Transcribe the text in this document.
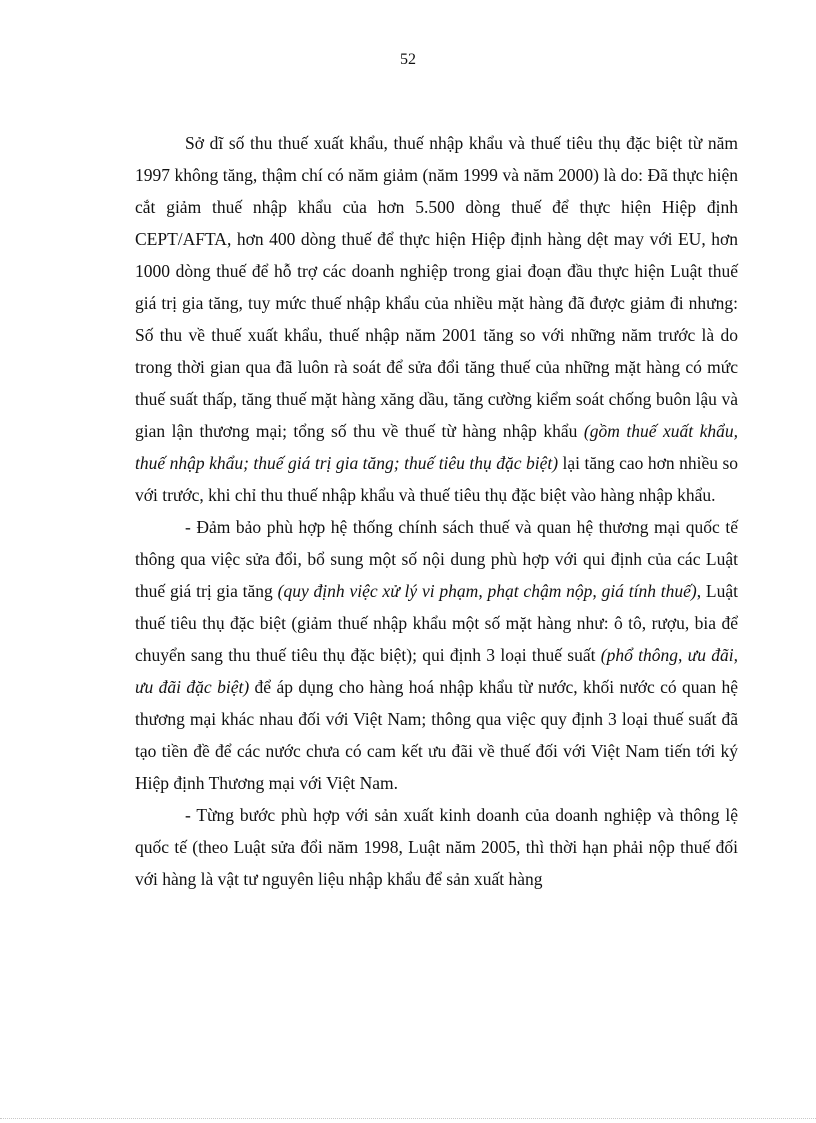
52

Sở dĩ số thu thuế xuất khẩu, thuế nhập khẩu và thuế tiêu thụ đặc biệt từ năm 1997 không tăng, thậm chí có năm giảm (năm 1999 và năm 2000) là do: Đã thực hiện cắt giảm thuế nhập khẩu của hơn 5.500 dòng thuế để thực hiện Hiệp định CEPT/AFTA, hơn 400 dòng thuế để thực hiện Hiệp định hàng dệt may với EU, hơn 1000 dòng thuế để hỗ trợ các doanh nghiệp trong giai đoạn đầu thực hiện Luật thuế giá trị gia tăng, tuy mức thuế nhập khẩu của nhiều mặt hàng đã được giảm đi nhưng: Số thu về thuế xuất khẩu, thuế nhập năm 2001 tăng so với những năm trước là do trong thời gian qua đã luôn rà soát để sửa đổi tăng thuế của những mặt hàng có mức thuế suất thấp, tăng thuế mặt hàng xăng dầu, tăng cường kiểm soát chống buôn lậu và gian lận thương mại; tổng số thu về thuế từ hàng nhập khẩu (gồm thuế xuất khẩu, thuế nhập khẩu; thuế giá trị gia tăng; thuế tiêu thụ đặc biệt) lại tăng cao hơn nhiều so với trước, khi chỉ thu thuế nhập khẩu và thuế tiêu thụ đặc biệt vào hàng nhập khẩu.

- Đảm bảo phù hợp hệ thống chính sách thuế và quan hệ thương mại quốc tế thông qua việc sửa đổi, bổ sung một số nội dung phù hợp với qui định của các Luật thuế giá trị gia tăng (quy định việc xử lý vi phạm, phạt chậm nộp, giá tính thuế), Luật thuế tiêu thụ đặc biệt (giảm thuế nhập khẩu một số mặt hàng như: ô tô, rượu, bia để chuyển sang thu thuế tiêu thụ đặc biệt); qui định 3 loại thuế suất (phổ thông, ưu đãi, ưu đãi đặc biệt) để áp dụng cho hàng hoá nhập khẩu từ nước, khối nước có quan hệ thương mại khác nhau đối với Việt Nam; thông qua việc quy định 3 loại thuế suất đã tạo tiền đề để các nước chưa có cam kết ưu đãi về thuế đối với Việt Nam tiến tới ký Hiệp định Thương mại với Việt Nam.

- Từng bước phù hợp với sản xuất kinh doanh của doanh nghiệp và thông lệ quốc tế (theo Luật sửa đổi năm 1998, Luật năm 2005, thì thời hạn phải nộp thuế đối với hàng là vật tư nguyên liệu nhập khẩu để sản xuất hàng
